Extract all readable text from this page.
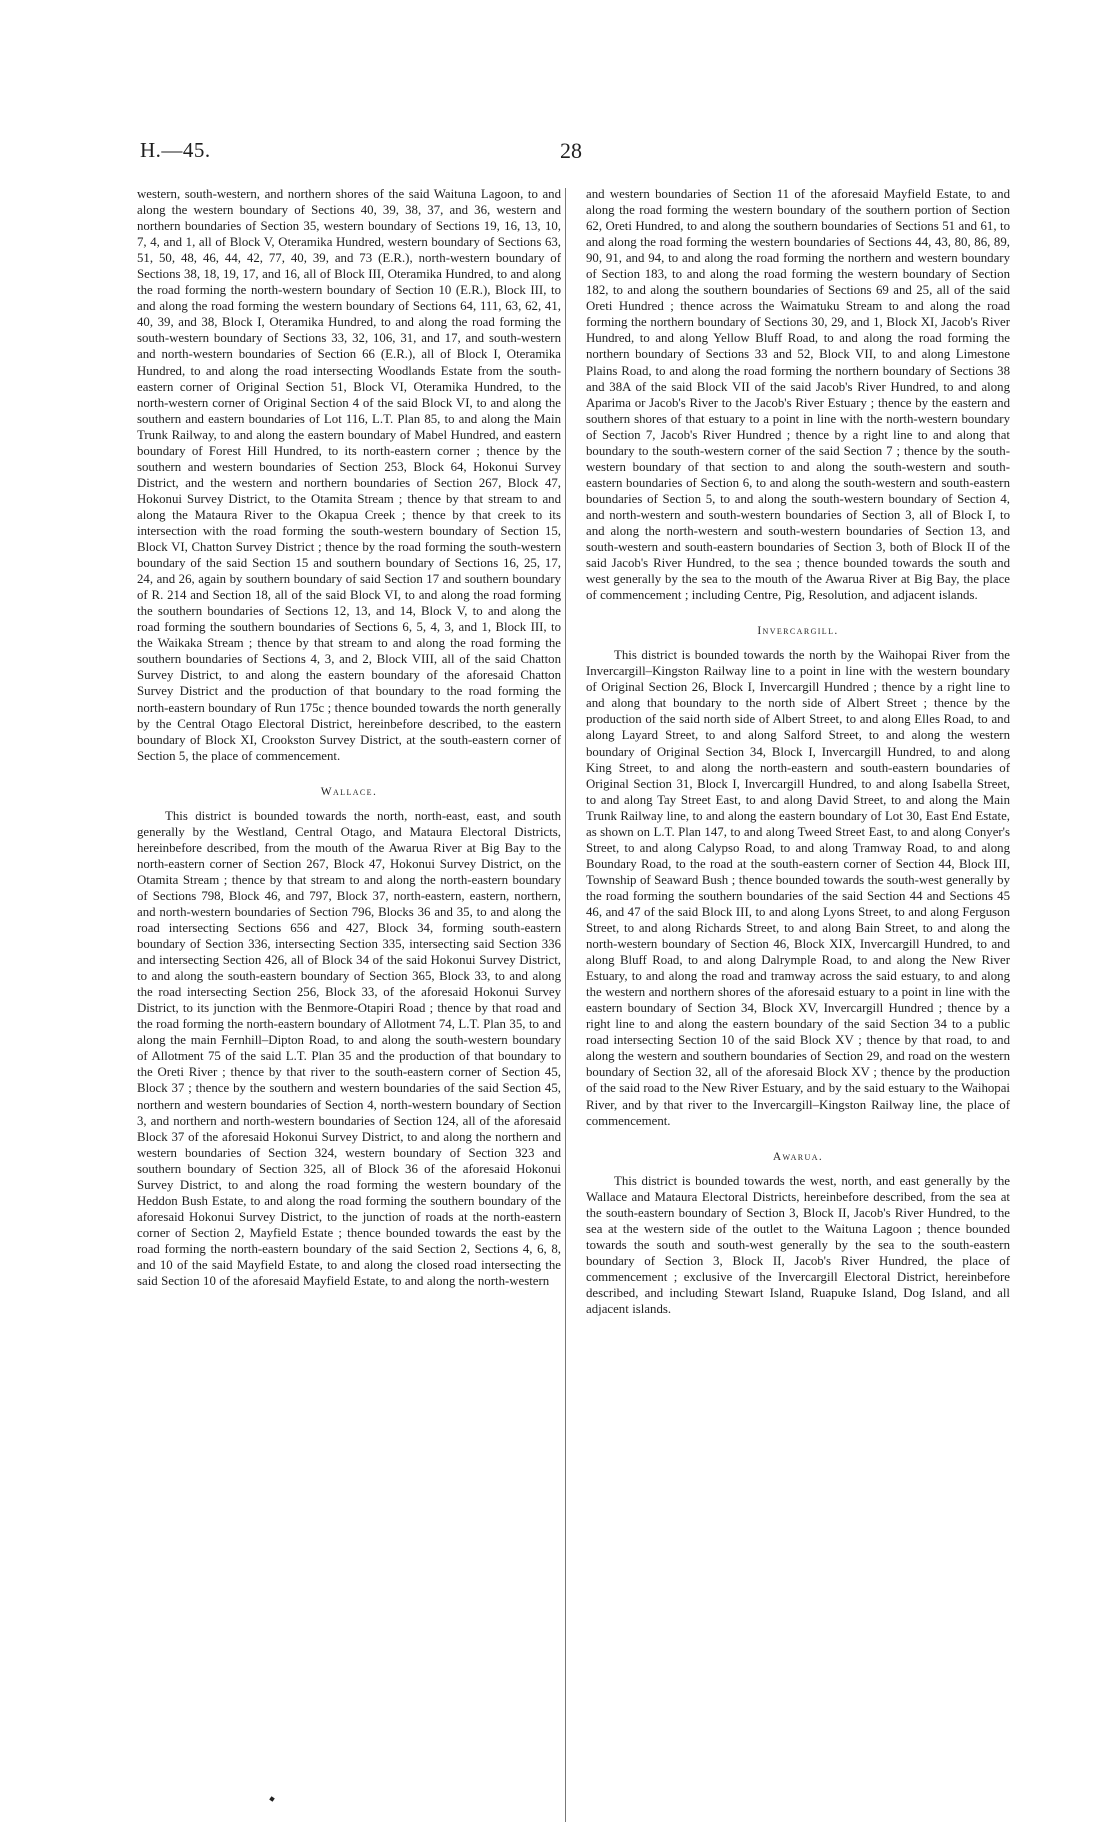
H.—45.	28

western, south-western, and northern shores of the said Waituna Lagoon, to and along the western boundary of Sections 40, 39, 38, 37, and 36, western and northern boundaries of Section 35, western boundary of Sections 19, 16, 13, 10, 7, 4, and 1, all of Block V, Oteramika Hundred, western boundary of Sections 63, 51, 50, 48, 46, 44, 42, 77, 40, 39, and 73 (E.R.), north-western boundary of Sections 38, 18, 19, 17, and 16, all of Block III, Oteramika Hundred, to and along the road forming the north-western boundary of Section 10 (E.R.), Block III, to and along the road forming the western boundary of Sections 64, 111, 63, 62, 41, 40, 39, and 38, Block I, Oteramika Hundred, to and along the road forming the south-western boundary of Sections 33, 32, 106, 31, and 17, and south-western and north-western boundaries of Section 66 (E.R.), all of Block I, Oteramika Hundred, to and along the road intersecting Woodlands Estate from the south-eastern corner of Original Section 51, Block VI, Oteramika Hundred, to the north-western corner of Original Section 4 of the said Block VI, to and along the southern and eastern boundaries of Lot 116, L.T. Plan 85, to and along the Main Trunk Railway, to and along the eastern boundary of Mabel Hundred, and eastern boundary of Forest Hill Hundred, to its north-eastern corner ; thence by the southern and western boundaries of Section 253, Block 64, Hokonui Survey District, and the western and northern boundaries of Section 267, Block 47, Hokonui Survey District, to the Otamita Stream ; thence by that stream to and along the Mataura River to the Okapua Creek ; thence by that creek to its intersection with the road forming the south-western boundary of Section 15, Block VI, Chatton Survey District ; thence by the road forming the south-western boundary of the said Section 15 and southern boundary of Sections 16, 25, 17, 24, and 26, again by southern boundary of said Section 17 and southern boundary of R. 214 and Section 18, all of the said Block VI, to and along the road forming the southern boundaries of Sections 12, 13, and 14, Block V, to and along the road forming the southern boundaries of Sections 6, 5, 4, 3, and 1, Block III, to the Waikaka Stream ; thence by that stream to and along the road forming the southern boundaries of Sections 4, 3, and 2, Block VIII, all of the said Chatton Survey District, to and along the eastern boundary of the aforesaid Chatton Survey District and the production of that boundary to the road forming the north-eastern boundary of Run 175c ; thence bounded towards the north generally by the Central Otago Electoral District, hereinbefore described, to the eastern boundary of Block XI, Crookston Survey District, at the south-eastern corner of Section 5, the place of commencement.

Wallace.

This district is bounded towards the north, north-east, east, and south generally by the Westland, Central Otago, and Mataura Electoral Districts, hereinbefore described, from the mouth of the Awarua River at Big Bay to the north-eastern corner of Section 267, Block 47, Hokonui Survey District, on the Otamita Stream ; thence by that stream to and along the north-eastern boundary of Sections 798, Block 46, and 797, Block 37, north-eastern, eastern, northern, and north-western boundaries of Section 796, Blocks 36 and 35, to and along the road intersecting Sections 656 and 427, Block 34, forming south-eastern boundary of Section 336, intersecting Section 335, intersecting said Section 336 and intersecting Section 426, all of Block 34 of the said Hokonui Survey District, to and along the south-eastern boundary of Section 365, Block 33, to and along the road intersecting Section 256, Block 33, of the aforesaid Hokonui Survey District, to its junction with the Benmore-Otapiri Road ; thence by that road and the road forming the north-eastern boundary of Allotment 74, L.T. Plan 35, to and along the main Fernhill–Dipton Road, to and along the south-western boundary of Allotment 75 of the said L.T. Plan 35 and the production of that boundary to the Oreti River ; thence by that river to the south-eastern corner of Section 45, Block 37 ; thence by the southern and western boundaries of the said Section 45, northern and western boundaries of Section 4, north-western boundary of Section 3, and northern and north-western boundaries of Section 124, all of the aforesaid Block 37 of the aforesaid Hokonui Survey District, to and along the northern and western boundaries of Section 324, western boundary of Section 323 and southern boundary of Section 325, all of Block 36 of the aforesaid Hokonui Survey District, to and along the road forming the western boundary of the Heddon Bush Estate, to and along the road forming the southern boundary of the aforesaid Hokonui Survey District, to the junction of roads at the north-eastern corner of Section 2, Mayfield Estate ; thence bounded towards the east by the road forming the north-eastern boundary of the said Section 2, Sections 4, 6, 8, and 10 of the said Mayfield Estate, to and along the closed road intersecting the said Section 10 of the aforesaid Mayfield Estate, to and along the north-western

and western boundaries of Section 11 of the aforesaid Mayfield Estate, to and along the road forming the western boundary of the southern portion of Section 62, Oreti Hundred, to and along the southern boundaries of Sections 51 and 61, to and along the road forming the western boundaries of Sections 44, 43, 80, 86, 89, 90, 91, and 94, to and along the road forming the northern and western boundary of Section 183, to and along the road forming the western boundary of Section 182, to and along the southern boundaries of Sections 69 and 25, all of the said Oreti Hundred ; thence across the Waimatuku Stream to and along the road forming the northern boundary of Sections 30, 29, and 1, Block XI, Jacob's River Hundred, to and along Yellow Bluff Road, to and along the road forming the northern boundary of Sections 33 and 52, Block VII, to and along Limestone Plains Road, to and along the road forming the northern boundary of Sections 38 and 38A of the said Block VII of the said Jacob's River Hundred, to and along Aparima or Jacob's River to the Jacob's River Estuary ; thence by the eastern and southern shores of that estuary to a point in line with the north-western boundary of Section 7, Jacob's River Hundred ; thence by a right line to and along that boundary to the south-western corner of the said Section 7 ; thence by the south-western boundary of that section to and along the south-western and south-eastern boundaries of Section 6, to and along the south-western and south-eastern boundaries of Section 5, to and along the south-western boundary of Section 4, and north-western and south-western boundaries of Section 3, all of Block I, to and along the north-western and south-western boundaries of Section 13, and south-western and south-eastern boundaries of Section 3, both of Block II of the said Jacob's River Hundred, to the sea ; thence bounded towards the south and west generally by the sea to the mouth of the Awarua River at Big Bay, the place of commencement ; including Centre, Pig, Resolution, and adjacent islands.

Invercargill.

This district is bounded towards the north by the Waihopai River from the Invercargill–Kingston Railway line to a point in line with the western boundary of Original Section 26, Block I, Invercargill Hundred ; thence by a right line to and along that boundary to the north side of Albert Street ; thence by the production of the said north side of Albert Street, to and along Elles Road, to and along Layard Street, to and along Salford Street, to and along the western boundary of Original Section 34, Block I, Invercargill Hundred, to and along King Street, to and along the north-eastern and south-eastern boundaries of Original Section 31, Block I, Invercargill Hundred, to and along Isabella Street, to and along Tay Street East, to and along David Street, to and along the Main Trunk Railway line, to and along the eastern boundary of Lot 30, East End Estate, as shown on L.T. Plan 147, to and along Tweed Street East, to and along Conyer's Street, to and along Calypso Road, to and along Tramway Road, to and along Boundary Road, to the road at the south-eastern corner of Section 44, Block III, Township of Seaward Bush ; thence bounded towards the south-west generally by the road forming the southern boundaries of the said Section 44 and Sections 45 46, and 47 of the said Block III, to and along Lyons Street, to and along Ferguson Street, to and along Richards Street, to and along Bain Street, to and along the north-western boundary of Section 46, Block XIX, Invercargill Hundred, to and along Bluff Road, to and along Dalrymple Road, to and along the New River Estuary, to and along the road and tramway across the said estuary, to and along the western and northern shores of the aforesaid estuary to a point in line with the eastern boundary of Section 34, Block XV, Invercargill Hundred ; thence by a right line to and along the eastern boundary of the said Section 34 to a public road intersecting Section 10 of the said Block XV ; thence by that road, to and along the western and southern boundaries of Section 29, and road on the western boundary of Section 32, all of the aforesaid Block XV ; thence by the production of the said road to the New River Estuary, and by the said estuary to the Waihopai River, and by that river to the Invercargill–Kingston Railway line, the place of commencement.

Awarua.

This district is bounded towards the west, north, and east generally by the Wallace and Mataura Electoral Districts, hereinbefore described, from the sea at the south-eastern boundary of Section 3, Block II, Jacob's River Hundred, to the sea at the western side of the outlet to the Waituna Lagoon ; thence bounded towards the south and south-west generally by the sea to the south-eastern boundary of Section 3, Block II, Jacob's River Hundred, the place of commencement ; exclusive of the Invercargill Electoral District, hereinbefore described, and including Stewart Island, Ruapuke Island, Dog Island, and all adjacent islands.
